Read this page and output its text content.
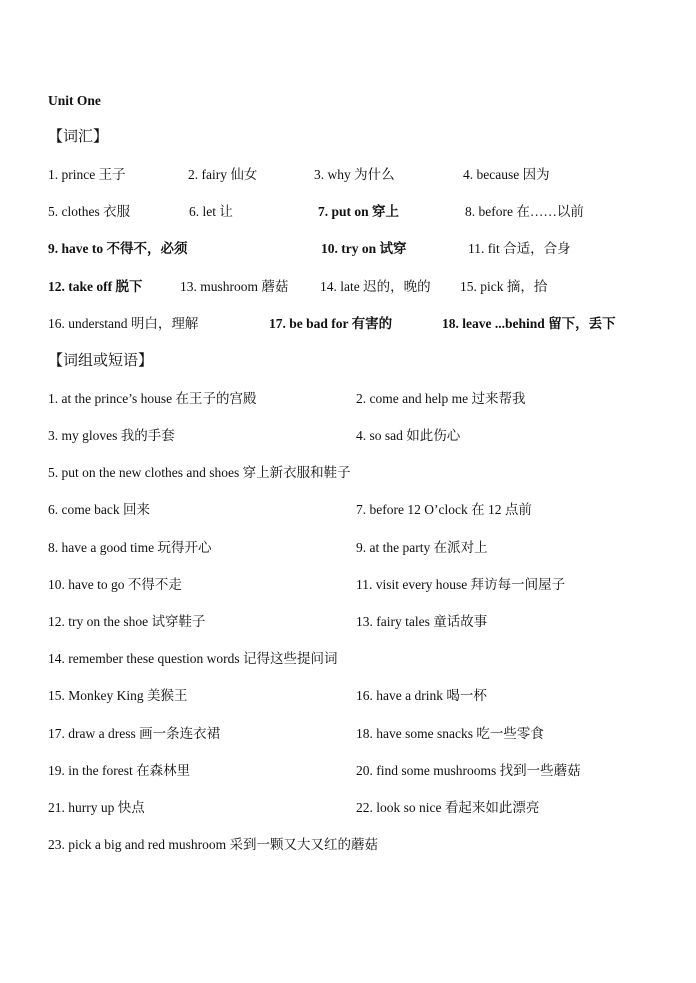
Unit One
【词汇】
1. prince 王子	2. fairy 仙女	3. why 为什么	4. because 因为
5. clothes 衣服	6. let 让	7. put on 穿上	8. before 在……以前
9. have to 不得不，必须	10. try on 试穿	11. fit 合适，合身
12. take off 脱下	13. mushroom 蘑菇 14. late 迟的，晚的 15. pick 摘，拾
16. understand 明白，理解	17. be bad for 有害的	18. leave ...behind 留下，丢下
【词组或短语】
1. at the prince’s house 在王子的宫殿	2. come and help me 过来帮我
3. my gloves 我的手套	4. so sad 如此伤心
5. put on the new clothes and shoes 穿上新衣服和鞋子
6. come back 回来	7. before 12 O’clock 在 12 点前
8. have a good time 玩得开心	9. at the party 在派对上
10. have to go 不得不走	11. visit every house 拜访每一间屋子
12. try on the shoe 试穿鞋子	13. fairy tales 童话故事
14. remember these question words 记得这些提问词
15. Monkey King 美猴王	16. have a drink 喝一杯
17. draw a dress 画一条连衣裙	18. have some snacks 吃一些零食
19. in the forest 在森林里	20. find some mushrooms 找到一些蘑菇
21. hurry up 快点	22. look so nice 看起来如此漂亮
23. pick a big and red mushroom 采到一颗又大又红的蘑菇
